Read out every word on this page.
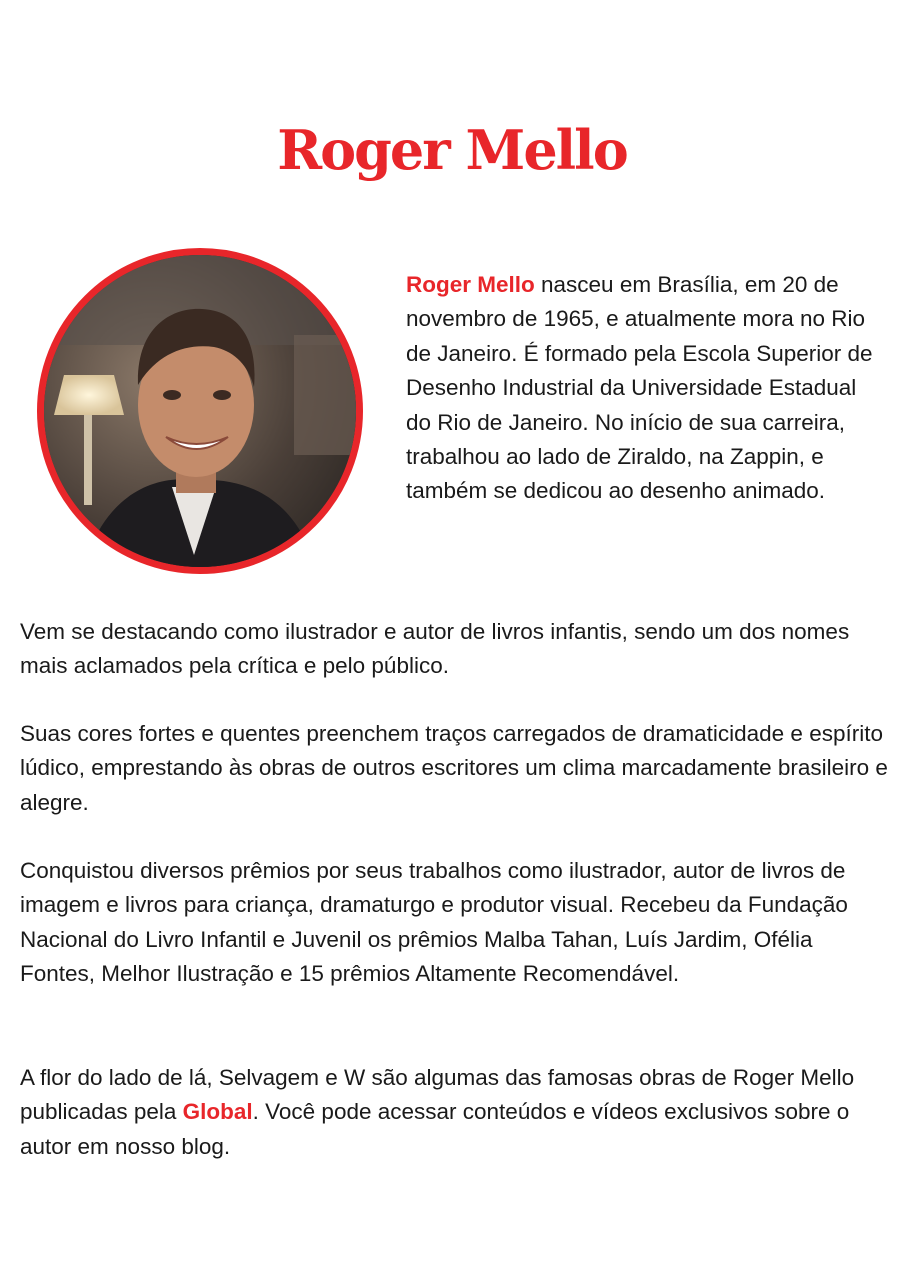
Roger Mello

Roger Mello nasceu em Brasília, em 20 de novembro de 1965, e atualmente mora no Rio de Janeiro. É formado pela Escola Superior de Desenho Industrial da Universidade Estadual do Rio de Janeiro. No início de sua carreira, trabalhou ao lado de Ziraldo, na Zappin, e também se dedicou ao desenho animado.

Vem se destacando como ilustrador e autor de livros infantis, sendo um dos nomes mais aclamados pela crítica e pelo público.

Suas cores fortes e quentes preenchem traços carregados de dramaticidade e espírito lúdico, emprestando às obras de outros escritores um clima marcadamente brasileiro e alegre.

Conquistou diversos prêmios por seus trabalhos como ilustrador, autor de livros de imagem e livros para criança, dramaturgo e produtor visual. Recebeu da Fundação Nacional do Livro Infantil e Juvenil os prêmios Malba Tahan, Luís Jardim, Ofélia Fontes, Melhor Ilustração e 15 prêmios Altamente Recomendável.

A flor do lado de lá, Selvagem e W são algumas das famosas obras de Roger Mello publicadas pela Global. Você pode acessar conteúdos e vídeos exclusivos sobre o autor em nosso blog.
